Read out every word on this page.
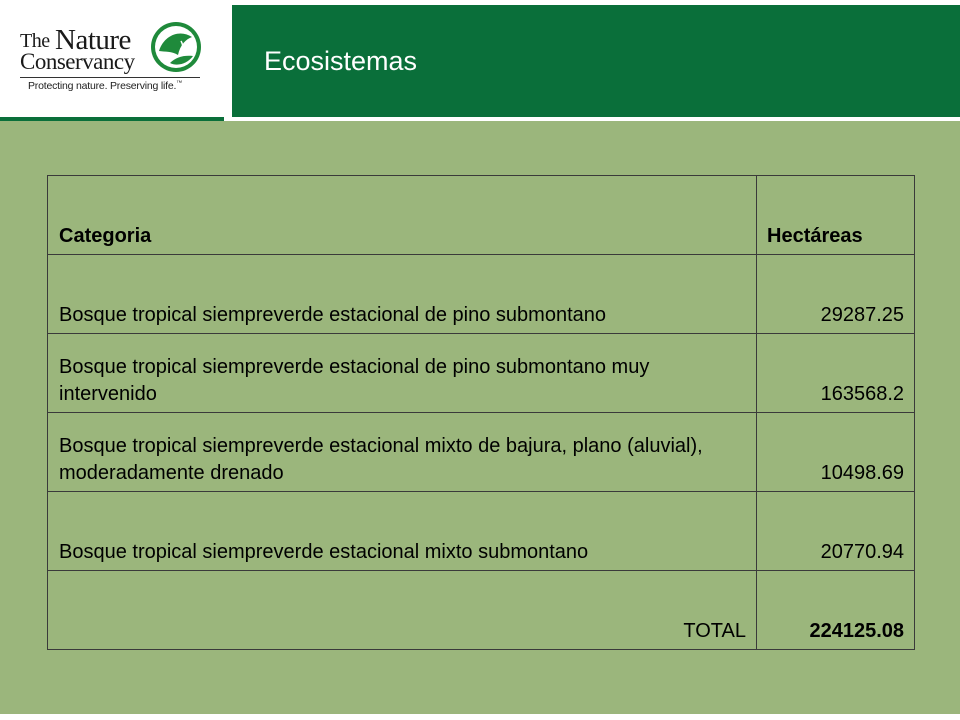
The Nature
Conservancy
Protecting nature. Preserving life.™
Ecosistemas
Categoria	Hectáreas
Bosque tropical siempreverde estacional de pino submontano	29287.25
Bosque tropical siempreverde estacional de pino submontano muy intervenido	163568.2
Bosque tropical siempreverde estacional mixto de bajura, plano (aluvial), moderadamente drenado	10498.69
Bosque tropical siempreverde estacional mixto submontano	20770.94
TOTAL	224125.08
